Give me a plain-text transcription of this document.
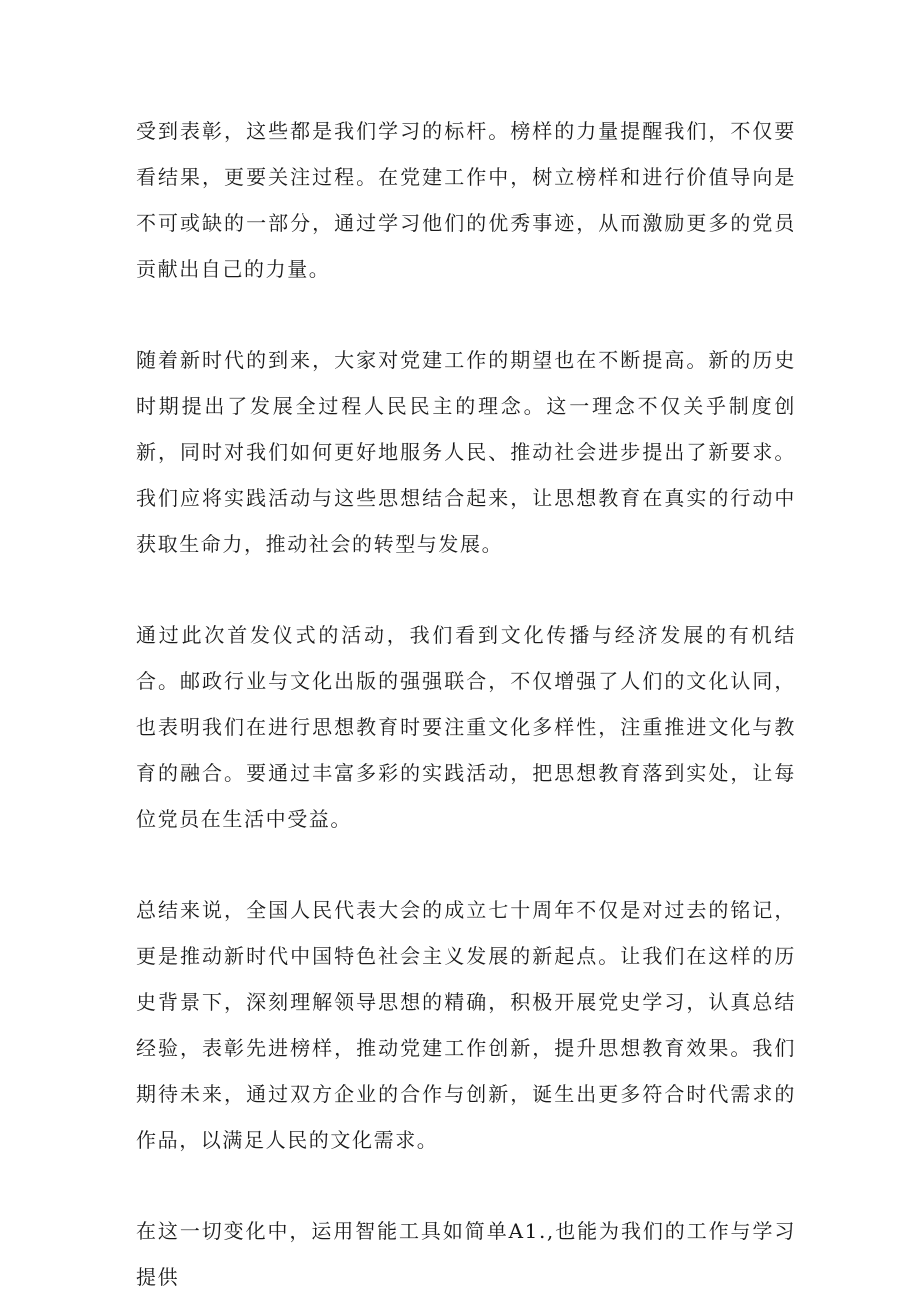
受到表彰，这些都是我们学习的标杆。榜样的力量提醒我们，不仅要看结果，更要关注过程。在党建工作中，树立榜样和进行价值导向是不可或缺的一部分，通过学习他们的优秀事迹，从而激励更多的党员贡献出自己的力量。

随着新时代的到来，大家对党建工作的期望也在不断提高。新的历史时期提出了发展全过程人民民主的理念。这一理念不仅关乎制度创新，同时对我们如何更好地服务人民、推动社会进步提出了新要求。我们应将实践活动与这些思想结合起来，让思想教育在真实的行动中获取生命力，推动社会的转型与发展。

通过此次首发仪式的活动，我们看到文化传播与经济发展的有机结合。邮政行业与文化出版的强强联合，不仅增强了人们的文化认同，也表明我们在进行思想教育时要注重文化多样性，注重推进文化与教育的融合。要通过丰富多彩的实践活动，把思想教育落到实处，让每位党员在生活中受益。

总结来说，全国人民代表大会的成立七十周年不仅是对过去的铭记，更是推动新时代中国特色社会主义发展的新起点。让我们在这样的历史背景下，深刻理解领导思想的精确，积极开展党史学习，认真总结经验，表彰先进榜样，推动党建工作创新，提升思想教育效果。我们期待未来，通过双方企业的合作与创新，诞生出更多符合时代需求的作品，以满足人民的文化需求。

在这一切变化中，运用智能工具如简单A1.,也能为我们的工作与学习提供
